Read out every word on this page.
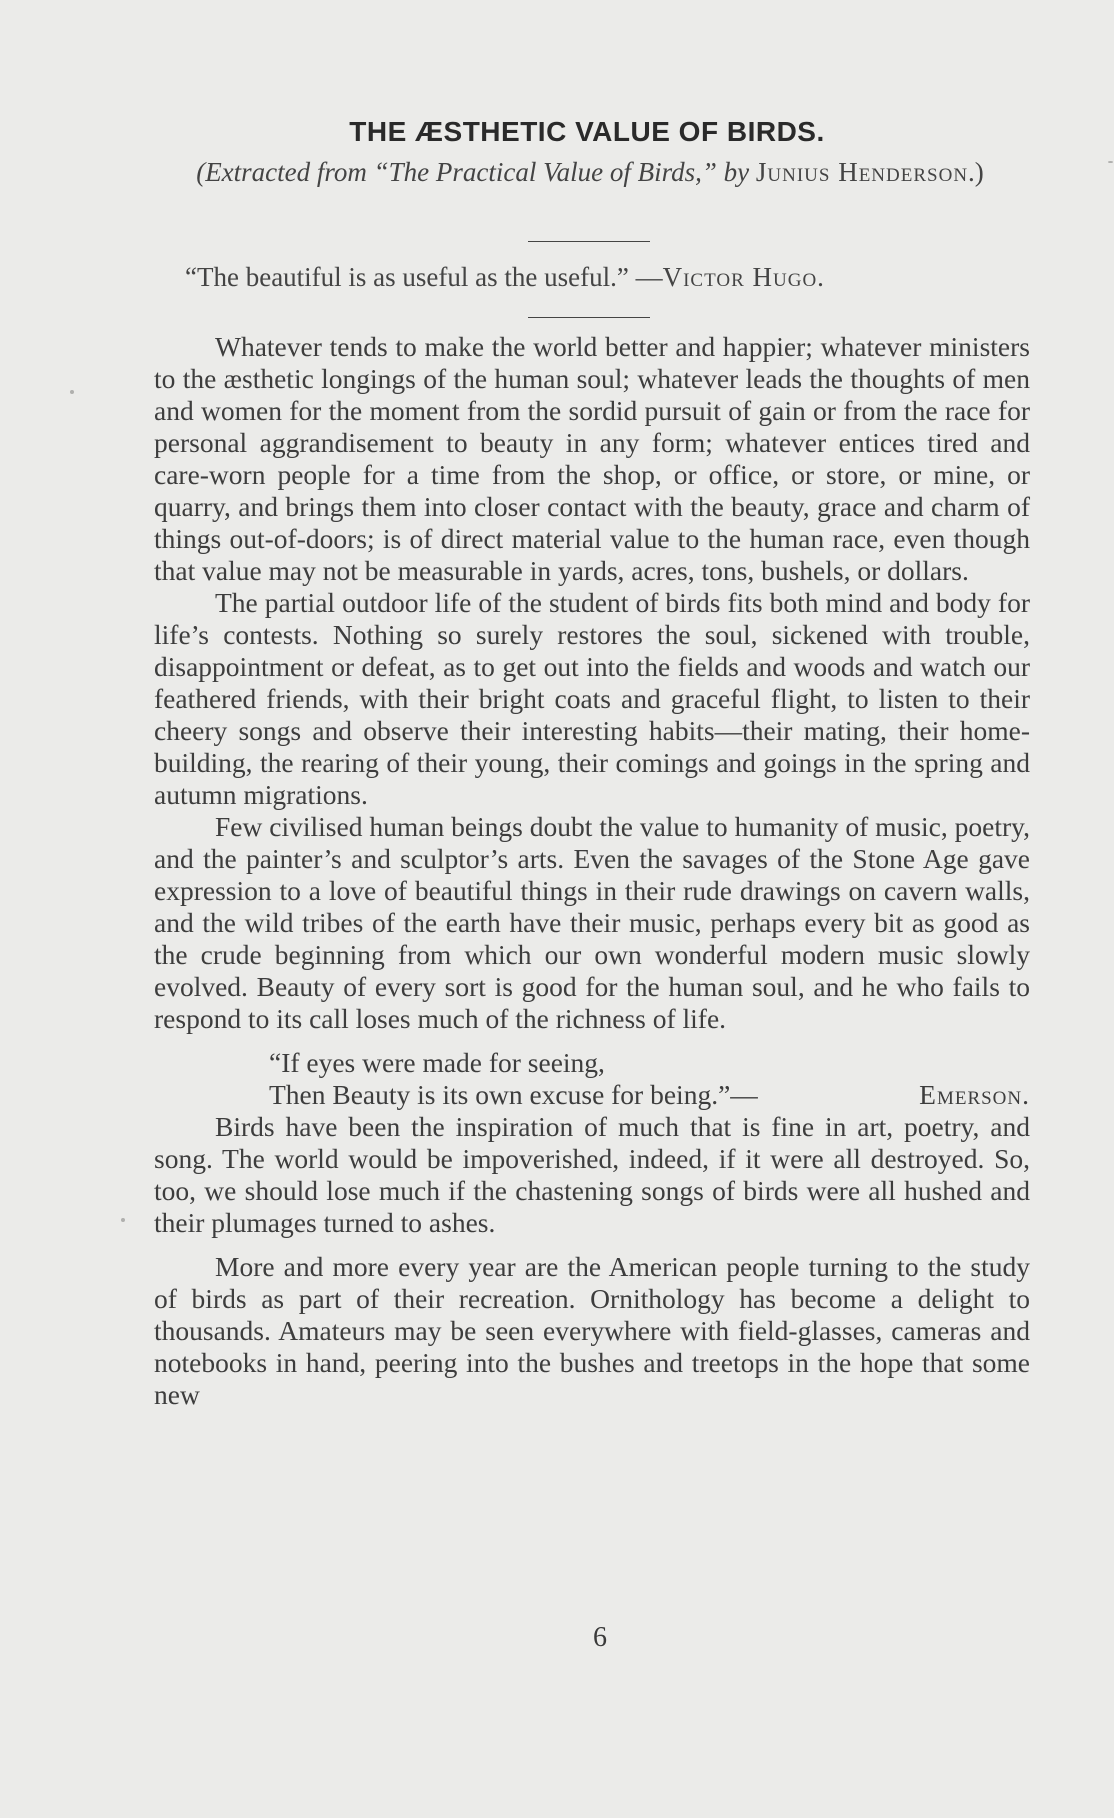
THE ÆSTHETIC VALUE OF BIRDS.
(Extracted from “The Practical Value of Birds,” by Junius Henderson.)
“The beautiful is as useful as the useful.” —Victor Hugo.

Whatever tends to make the world better and happier; whatever ministers to the æsthetic longings of the human soul; whatever leads the thoughts of men and women for the moment from the sordid pursuit of gain or from the race for personal aggrandisement to beauty in any form; whatever entices tired and care-worn people for a time from the shop, or office, or store, or mine, or quarry, and brings them into closer contact with the beauty, grace and charm of things out-of-doors; is of direct material value to the human race, even though that value may not be measurable in yards, acres, tons, bushels, or dollars.

The partial outdoor life of the student of birds fits both mind and body for life’s contests. Nothing so surely restores the soul, sickened with trouble, disappointment or defeat, as to get out into the fields and woods and watch our feathered friends, with their bright coats and graceful flight, to listen to their cheery songs and observe their interesting habits—their mating, their home-building, the rearing of their young, their comings and goings in the spring and autumn migrations.

Few civilised human beings doubt the value to humanity of music, poetry, and the painter’s and sculptor’s arts. Even the savages of the Stone Age gave expression to a love of beautiful things in their rude drawings on cavern walls, and the wild tribes of the earth have their music, perhaps every bit as good as the crude beginning from which our own wonderful modern music slowly evolved. Beauty of every sort is good for the human soul, and he who fails to respond to its call loses much of the richness of life.

“If eyes were made for seeing,
Then Beauty is its own excuse for being.”—	Emerson.

Birds have been the inspiration of much that is fine in art, poetry, and song. The world would be impoverished, indeed, if it were all destroyed. So, too, we should lose much if the chastening songs of birds were all hushed and their plumages turned to ashes.

More and more every year are the American people turning to the study of birds as part of their recreation. Ornithology has become a delight to thousands. Amateurs may be seen everywhere with field-glasses, cameras and notebooks in hand, peering into the bushes and treetops in the hope that some new

6
